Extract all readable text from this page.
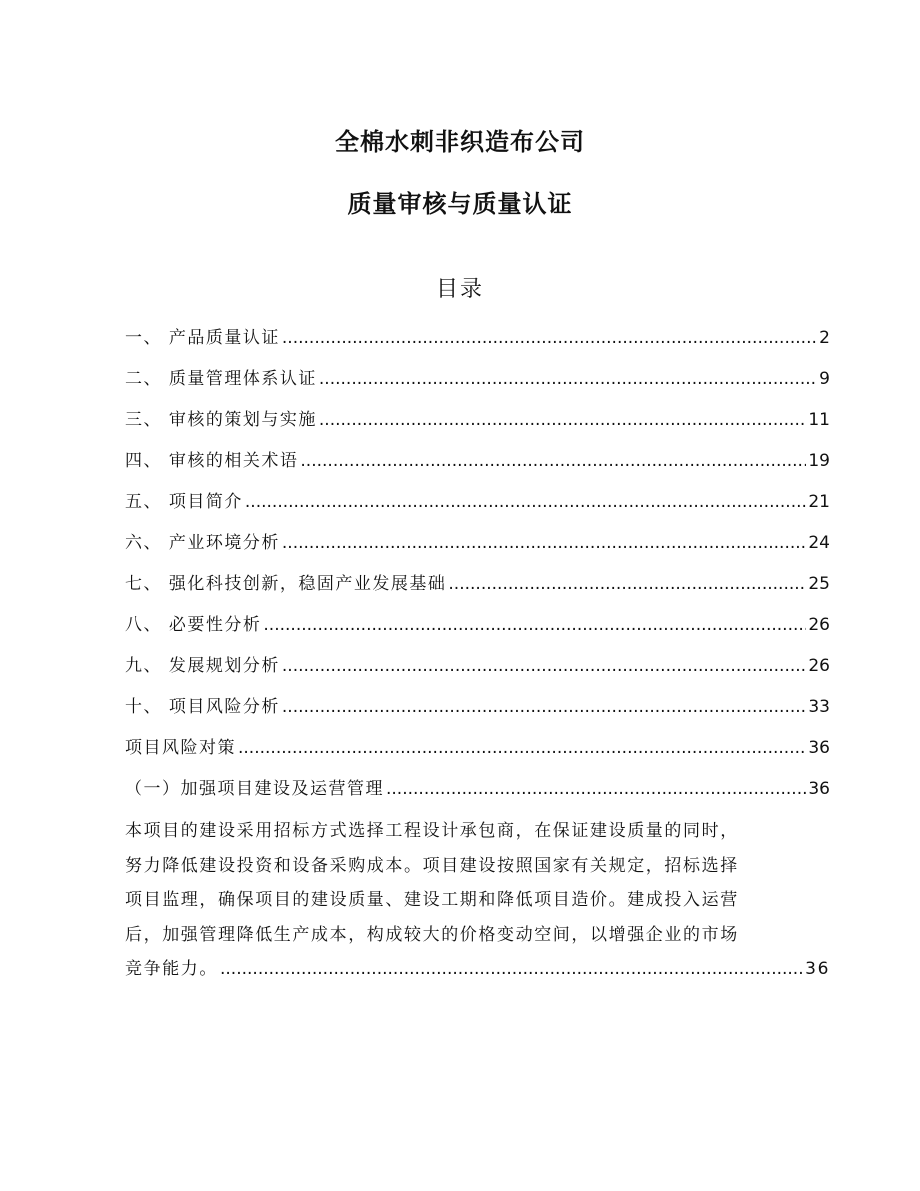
全棉水刺非织造布公司
质量审核与质量认证
目录
一、 产品质量认证 .....	2
二、 质量管理体系认证 .....	9
三、 审核的策划与实施 .....	11
四、 审核的相关术语 .....	19
五、 项目简介 .....	21
六、 产业环境分析 .....	24
七、 强化科技创新，稳固产业发展基础 .....	25
八、 必要性分析 .....	26
九、 发展规划分析 .....	26
十、 项目风险分析 .....	33
项目风险对策 .....	36
（一）加强项目建设及运营管理 .....	36
本项目的建设采用招标方式选择工程设计承包商，在保证建设质量的同时，
努力降低建设投资和设备采购成本。项目建设按照国家有关规定，招标选择
项目监理，确保项目的建设质量、建设工期和降低项目造价。建成投入运营
后，加强管理降低生产成本，构成较大的价格变动空间，以增强企业的市场
竞争能力。 .....	36
